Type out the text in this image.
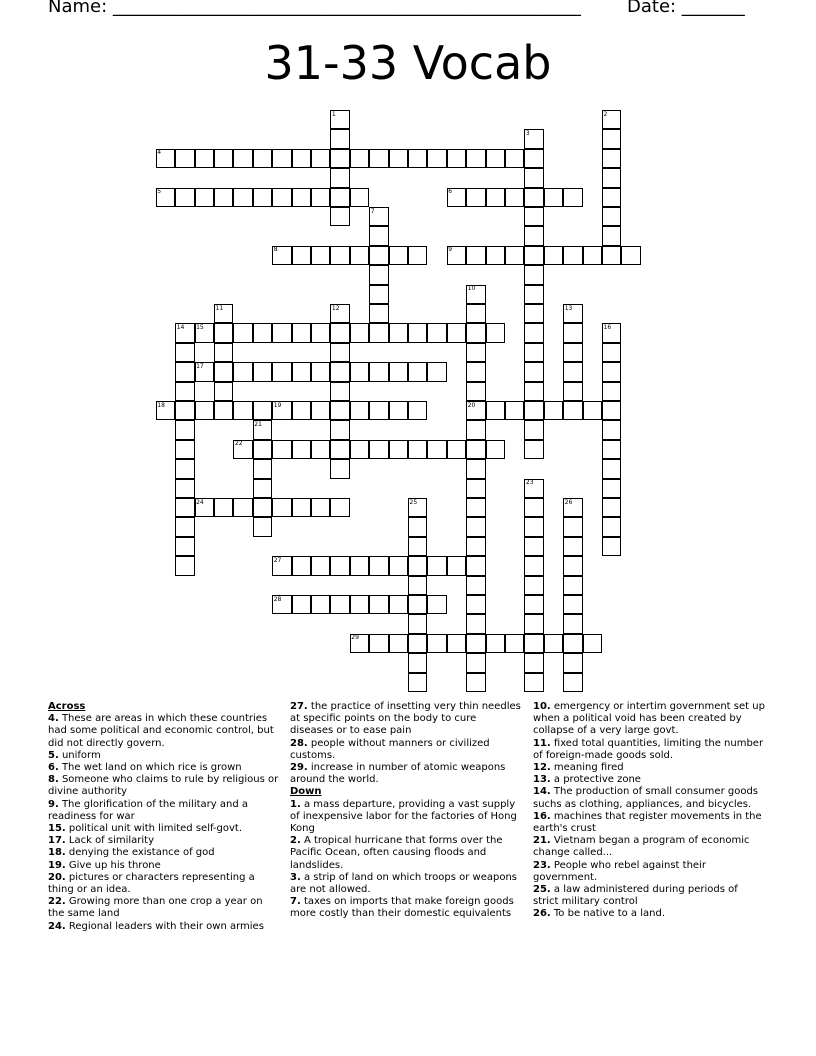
Name: ____________________________________________________	Date: _______
31-33 Vocab
1	2
3
4
5	6
7
8	9
10
11	12	13
14 15	16
17
18	19	20
21
22
23
24	25	26
27
28
29
Across
4. These are areas in which these countries had some political and economic control, but did not directly govern.
5. uniform
6. The wet land on which rice is grown
8. Someone who claims to rule by religious or divine authority
9. The glorification of the military and a readiness for war
15. political unit with limited self-govt.
17. Lack of similarity
18. denying the existance of god
19. Give up his throne
20. pictures or characters representing a thing or an idea.
22. Growing more than one crop a year on the same land
24. Regional leaders with their own armies
27. the practice of insetting very thin needles at specific points on the body to cure diseases or to ease pain
28. people without manners or civilized customs.
29. increase in number of atomic weapons around the world.
Down
1. a mass departure, providing a vast supply of inexpensive labor for the factories of Hong Kong
2. A tropical hurricane that forms over the Pacific Ocean, often causing floods and landslides.
3. a strip of land on which troops or weapons are not allowed.
7. taxes on imports that make foreign goods more costly than their domestic equivalents
10. emergency or intertim government set up when a political void has been created by collapse of a very large govt.
11. fixed total quantities, limiting the number of foreign-made goods sold.
12. meaning fired
13. a protective zone
14. The production of small consumer goods suchs as clothing, appliances, and bicycles.
16. machines that register movements in the earth's crust
21. Vietnam began a program of economic change called...
23. People who rebel against their government.
25. a law administered during periods of strict military control
26. To be native to a land.
